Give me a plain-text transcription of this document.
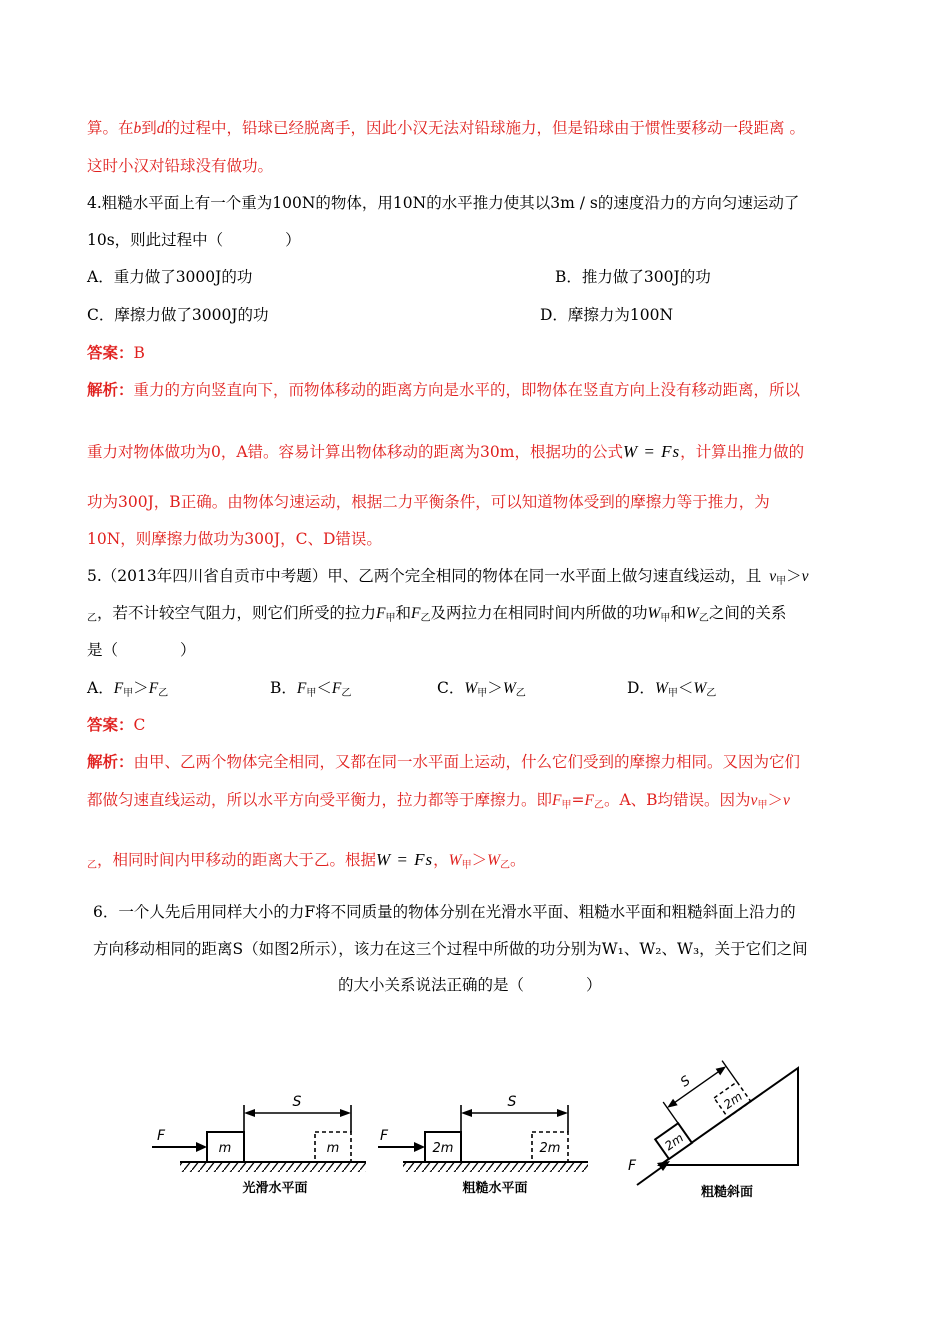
算。在b到d的过程中，铅球已经脱离手，因此小汉无法对铅球施力，但是铅球由于惯性要移动一段距离 。
这时小汉对铅球没有做功。
4.粗糙水平面上有一个重为100N的物体，用10N的水平推力使其以3m / s的速度沿力的方向匀速运动了
10s，则此过程中（　　　　）
A．重力做了3000J的功	B．推力做了300J的功
C．摩擦力做了3000J的功	D．摩擦力为100N
答案：B
解析：重力的方向竖直向下，而物体移动的距离方向是水平的，即物体在竖直方向上没有移动距离，所以
重力对物体做功为0，A错。容易计算出物体移动的距离为30m，根据功的公式W = Fs，计算出推力做的
功为300J，B正确。由物体匀速运动，根据二力平衡条件，可以知道物体受到的摩擦力等于推力，为
10N，则摩擦力做功为300J，C、D错误。
5.（2013年四川省自贡市中考题）甲、乙两个完全相同的物体在同一水平面上做匀速直线运动，且 $v_甲>v$
$_乙$，若不计较空气阻力，则它们所受的拉力$F_甲$和$F_乙$及两拉力在相同时间内所做的功$W_甲$和$W_乙$之间的关系
是（　　　　）
A．$F_甲>F_乙$	B．$F_甲<F_乙$	C．$W_甲>W_乙$	D．$W_甲<W_乙$
答案：C
解析：由甲、乙两个物体完全相同，又都在同一水平面上运动，什么它们受到的摩擦力相同。又因为它们
都做匀速直线运动，所以水平方向受平衡力，拉力都等于摩擦力。即$F_甲=F_乙$。A、B均错误。因为$v_甲>v$
$_乙$，相同时间内甲移动的距离大于乙。根据W = Fs，$W_甲>W_乙$。
6．一个人先后用同样大小的力F将不同质量的物体分别在光滑水平面、粗糙水平面和粗糙斜面上沿力的
方向移动相同的距离S（如图2所示），该力在这三个过程中所做的功分别为W₁、W₂、W₃，关于它们之间
的大小关系说法正确的是（　　　　）
m	m
F
S
光滑水平面
2m	2m
F
S
粗糙水平面
2m
2m
S
F
粗糙斜面
